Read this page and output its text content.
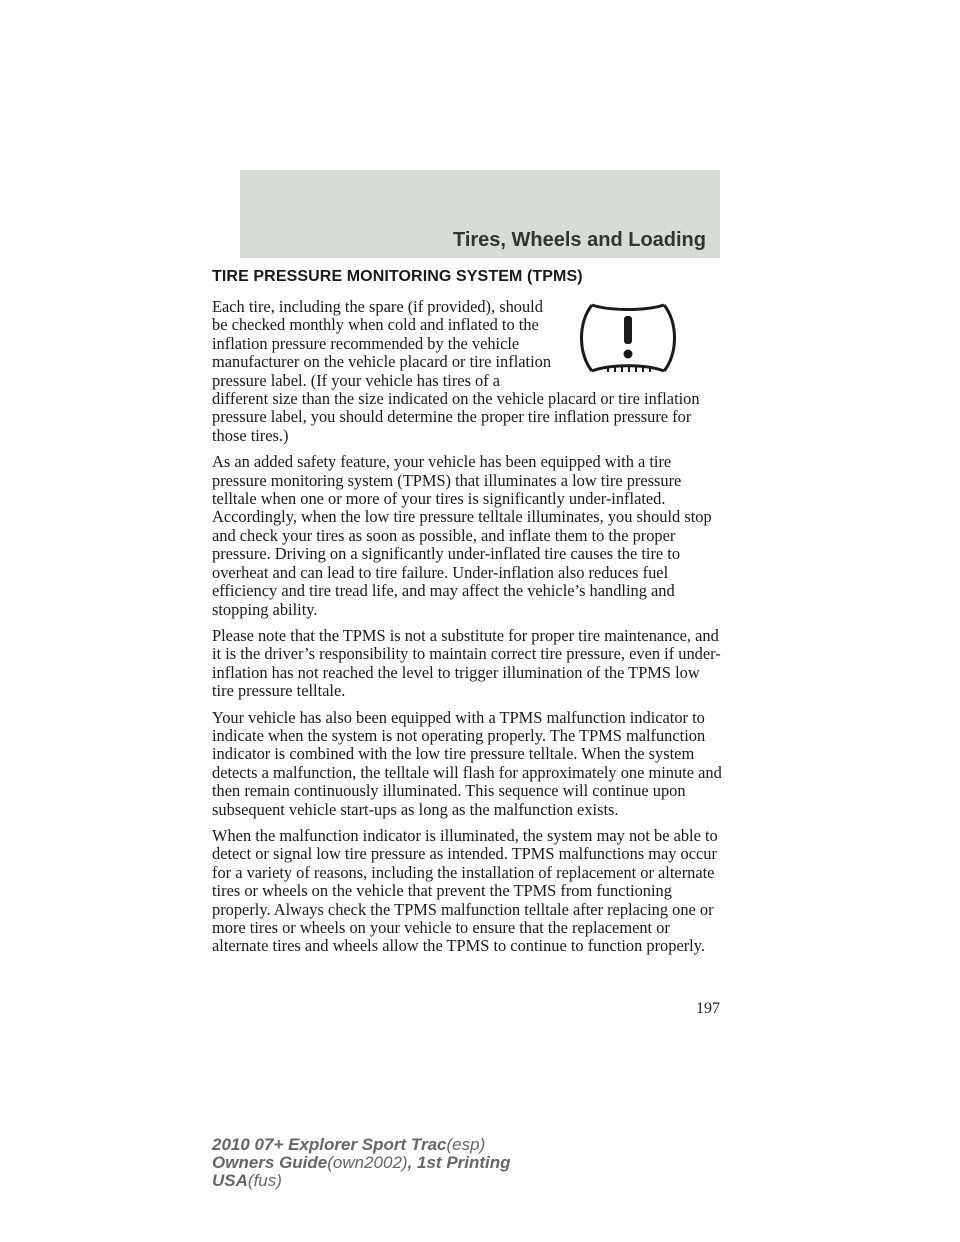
Tires, Wheels and Loading
TIRE PRESSURE MONITORING SYSTEM (TPMS)

Each tire, including the spare (if provided), should be checked monthly when cold and inflated to the inflation pressure recommended by the vehicle manufacturer on the vehicle placard or tire inflation pressure label. (If your vehicle has tires of a different size than the size indicated on the vehicle placard or tire inflation pressure label, you should determine the proper tire inflation pressure for those tires.)

As an added safety feature, your vehicle has been equipped with a tire pressure monitoring system (TPMS) that illuminates a low tire pressure telltale when one or more of your tires is significantly under-inflated. Accordingly, when the low tire pressure telltale illuminates, you should stop and check your tires as soon as possible, and inflate them to the proper pressure. Driving on a significantly under-inflated tire causes the tire to overheat and can lead to tire failure. Under-inflation also reduces fuel efficiency and tire tread life, and may affect the vehicle’s handling and stopping ability.

Please note that the TPMS is not a substitute for proper tire maintenance, and it is the driver’s responsibility to maintain correct tire pressure, even if under-inflation has not reached the level to trigger illumination of the TPMS low tire pressure telltale.

Your vehicle has also been equipped with a TPMS malfunction indicator to indicate when the system is not operating properly. The TPMS malfunction indicator is combined with the low tire pressure telltale. When the system detects a malfunction, the telltale will flash for approximately one minute and then remain continuously illuminated. This sequence will continue upon subsequent vehicle start-ups as long as the malfunction exists.

When the malfunction indicator is illuminated, the system may not be able to detect or signal low tire pressure as intended. TPMS malfunctions may occur for a variety of reasons, including the installation of replacement or alternate tires or wheels on the vehicle that prevent the TPMS from functioning properly. Always check the TPMS malfunction telltale after replacing one or more tires or wheels on your vehicle to ensure that the replacement or alternate tires and wheels allow the TPMS to continue to function properly.

197
2010 07+ Explorer Sport Trac(esp)
Owners Guide(own2002), 1st Printing
USA(fus)
